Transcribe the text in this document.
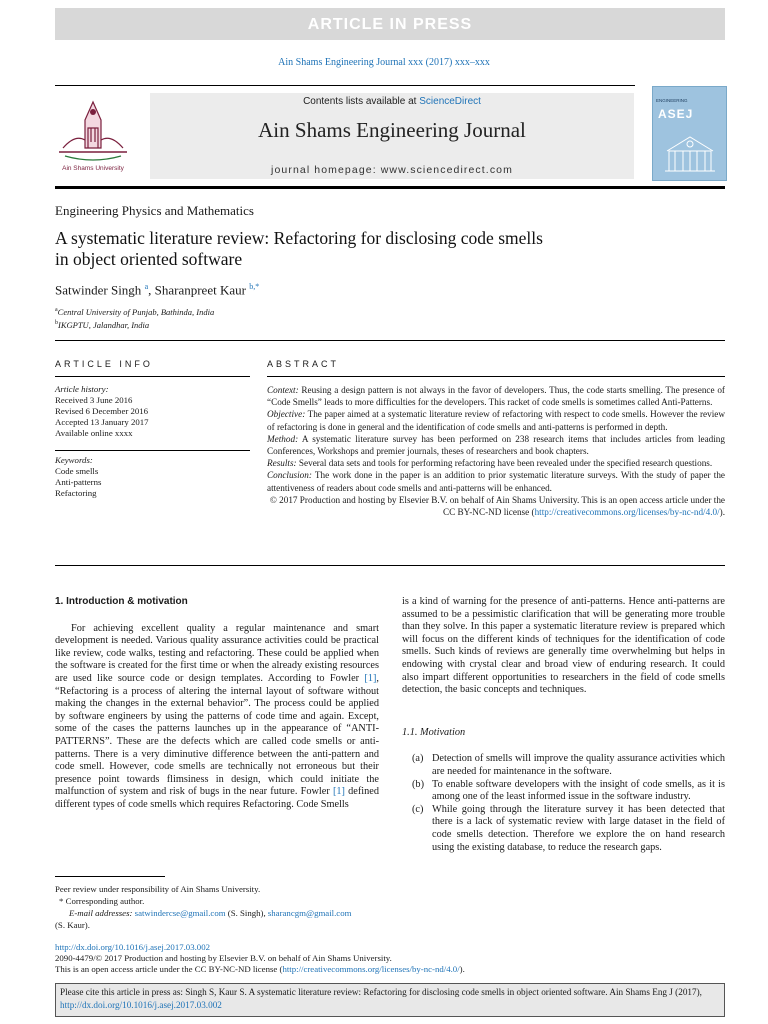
ARTICLE IN PRESS
Ain Shams Engineering Journal xxx (2017) xxx–xxx
Ain Shams University
Contents lists available at ScienceDirect
Ain Shams Engineering Journal
journal homepage: www.sciencedirect.com
ENGINEERING
ASEJ
Engineering Physics and Mathematics
A systematic literature review: Refactoring for disclosing code smells
in object oriented software
Satwinder Singh $^a$, Sharanpreet Kaur $^{b,*}$
$^a$Central University of Punjab, Bathinda, India
$^b$IKGPTU, Jalandhar, India
ARTICLE INFO	ABSTRACT
Article history:
Received 3 June 2016
Revised 6 December 2016
Accepted 13 January 2017
Available online xxxx
Keywords:
Code smells
Anti-patterns
Refactoring

Context: Reusing a design pattern is not always in the favor of developers. Thus, the code starts smelling. The presence of “Code Smells” leads to more difficulties for the developers. This racket of code smells is sometimes called Anti-Patterns.

Objective: The paper aimed at a systematic literature review of refactoring with respect to code smells. However the review of refactoring is done in general and the identification of code smells and anti-patterns is performed in depth.

Method: A systematic literature survey has been performed on 238 research items that includes articles from leading Conferences, Workshops and premier journals, theses of researchers and book chapters.

Results: Several data sets and tools for performing refactoring have been revealed under the specified research questions.

Conclusion: The work done in the paper is an addition to prior systematic literature surveys. With the study of paper the attentiveness of readers about code smells and anti-patterns will be enhanced.

© 2017 Production and hosting by Elsevier B.V. on behalf of Ain Shams University. This is an open access article under the CC BY-NC-ND license (http://creativecommons.org/licenses/by-nc-nd/4.0/).

1. Introduction & motivation
For achieving excellent quality a regular maintenance and smart development is needed. Various quality assurance activities could be practical like review, code walks, testing and refactoring. These could be applied when the software is created for the first time or when the already existing resources are used like source code or design templates. According to Fowler [1], “Refactoring is a process of altering the internal layout of software without making the changes in the external behavior”. The process could be applied by software engineers by using the patterns of code time and again. Except, some of the cases the patterns launches up in the appearance of “ANTI-PATTERNS”. These are the defects which are called code smells or anti-patterns. There is a very diminutive difference between the anti-pattern and code smell. However, code smells are technically not erroneous but their presence point towards flimsiness in design, which could initiate the malfunction of system and risk of bugs in the near future. Fowler [1] defined different types of code smells which requires Refactoring. Code Smells
is a kind of warning for the presence of anti-patterns. Hence anti-patterns are assumed to be a pessimistic clarification that will be generating more trouble than they solve. In this paper a systematic literature review is prepared which will focus on the different kinds of techniques for the identification of code smells. Such kinds of reviews are generally time overwhelming but helps in endowing with crystal clear and broad view of enduring research. It could also impart different opportunities to researchers in the field of code smells detection, the basic concepts and techniques.
1.1. Motivation
(a) Detection of smells will improve the quality assurance activities which are needed for maintenance in the software.
(b) To enable software developers with the insight of code smells, as it is among one of the least informed issue in the software industry.
(c) While going through the literature survey it has been detected that there is a lack of systematic review with large dataset in the field of code smells detection. Therefore we explore the on hand research using the existing database, to reduce the research gaps.
Peer review under responsibility of Ain Shams University.
* Corresponding author.
E-mail addresses: satwindercse@gmail.com (S. Singh), sharancgm@gmail.com
(S. Kaur).
http://dx.doi.org/10.1016/j.asej.2017.03.002
2090-4479/© 2017 Production and hosting by Elsevier B.V. on behalf of Ain Shams University.
This is an open access article under the CC BY-NC-ND license (http://creativecommons.org/licenses/by-nc-nd/4.0/).
Please cite this article in press as: Singh S, Kaur S. A systematic literature review: Refactoring for disclosing code smells in object oriented software. Ain Shams Eng J (2017), http://dx.doi.org/10.1016/j.asej.2017.03.002
